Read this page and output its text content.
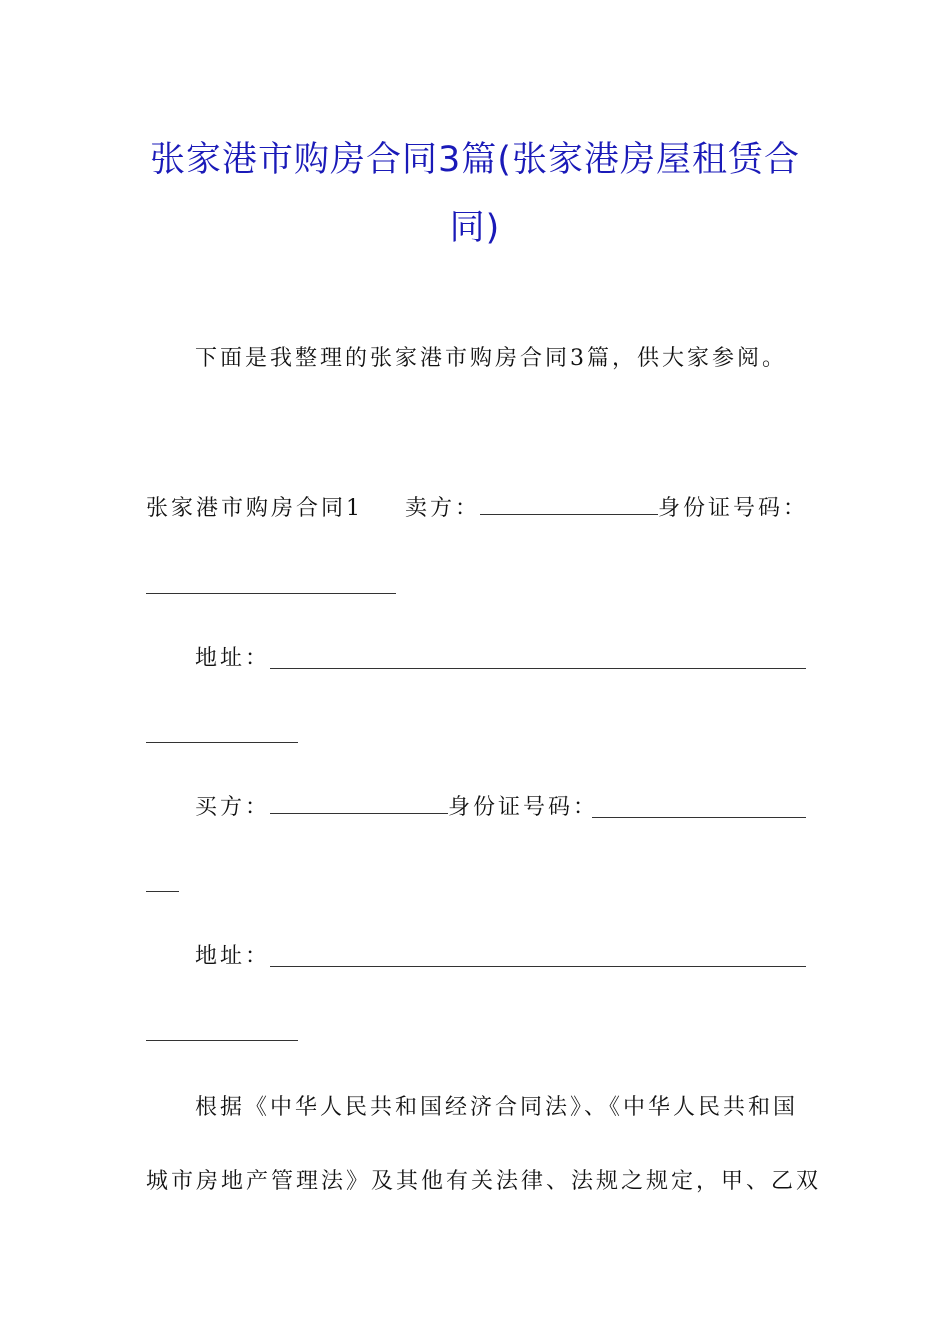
张家港市购房合同3篇(张家港房屋租赁合
同)
下面是我整理的张家港市购房合同3篇，供大家参阅。
张家港市购房合同1 卖方：	身份证号码：
地址：
买方：	身份证号码：
地址：
根据《中华人民共和国经济合同法》、《中华人民共和国
城市房地产管理法》及其他有关法律、法规之规定，甲、乙双
